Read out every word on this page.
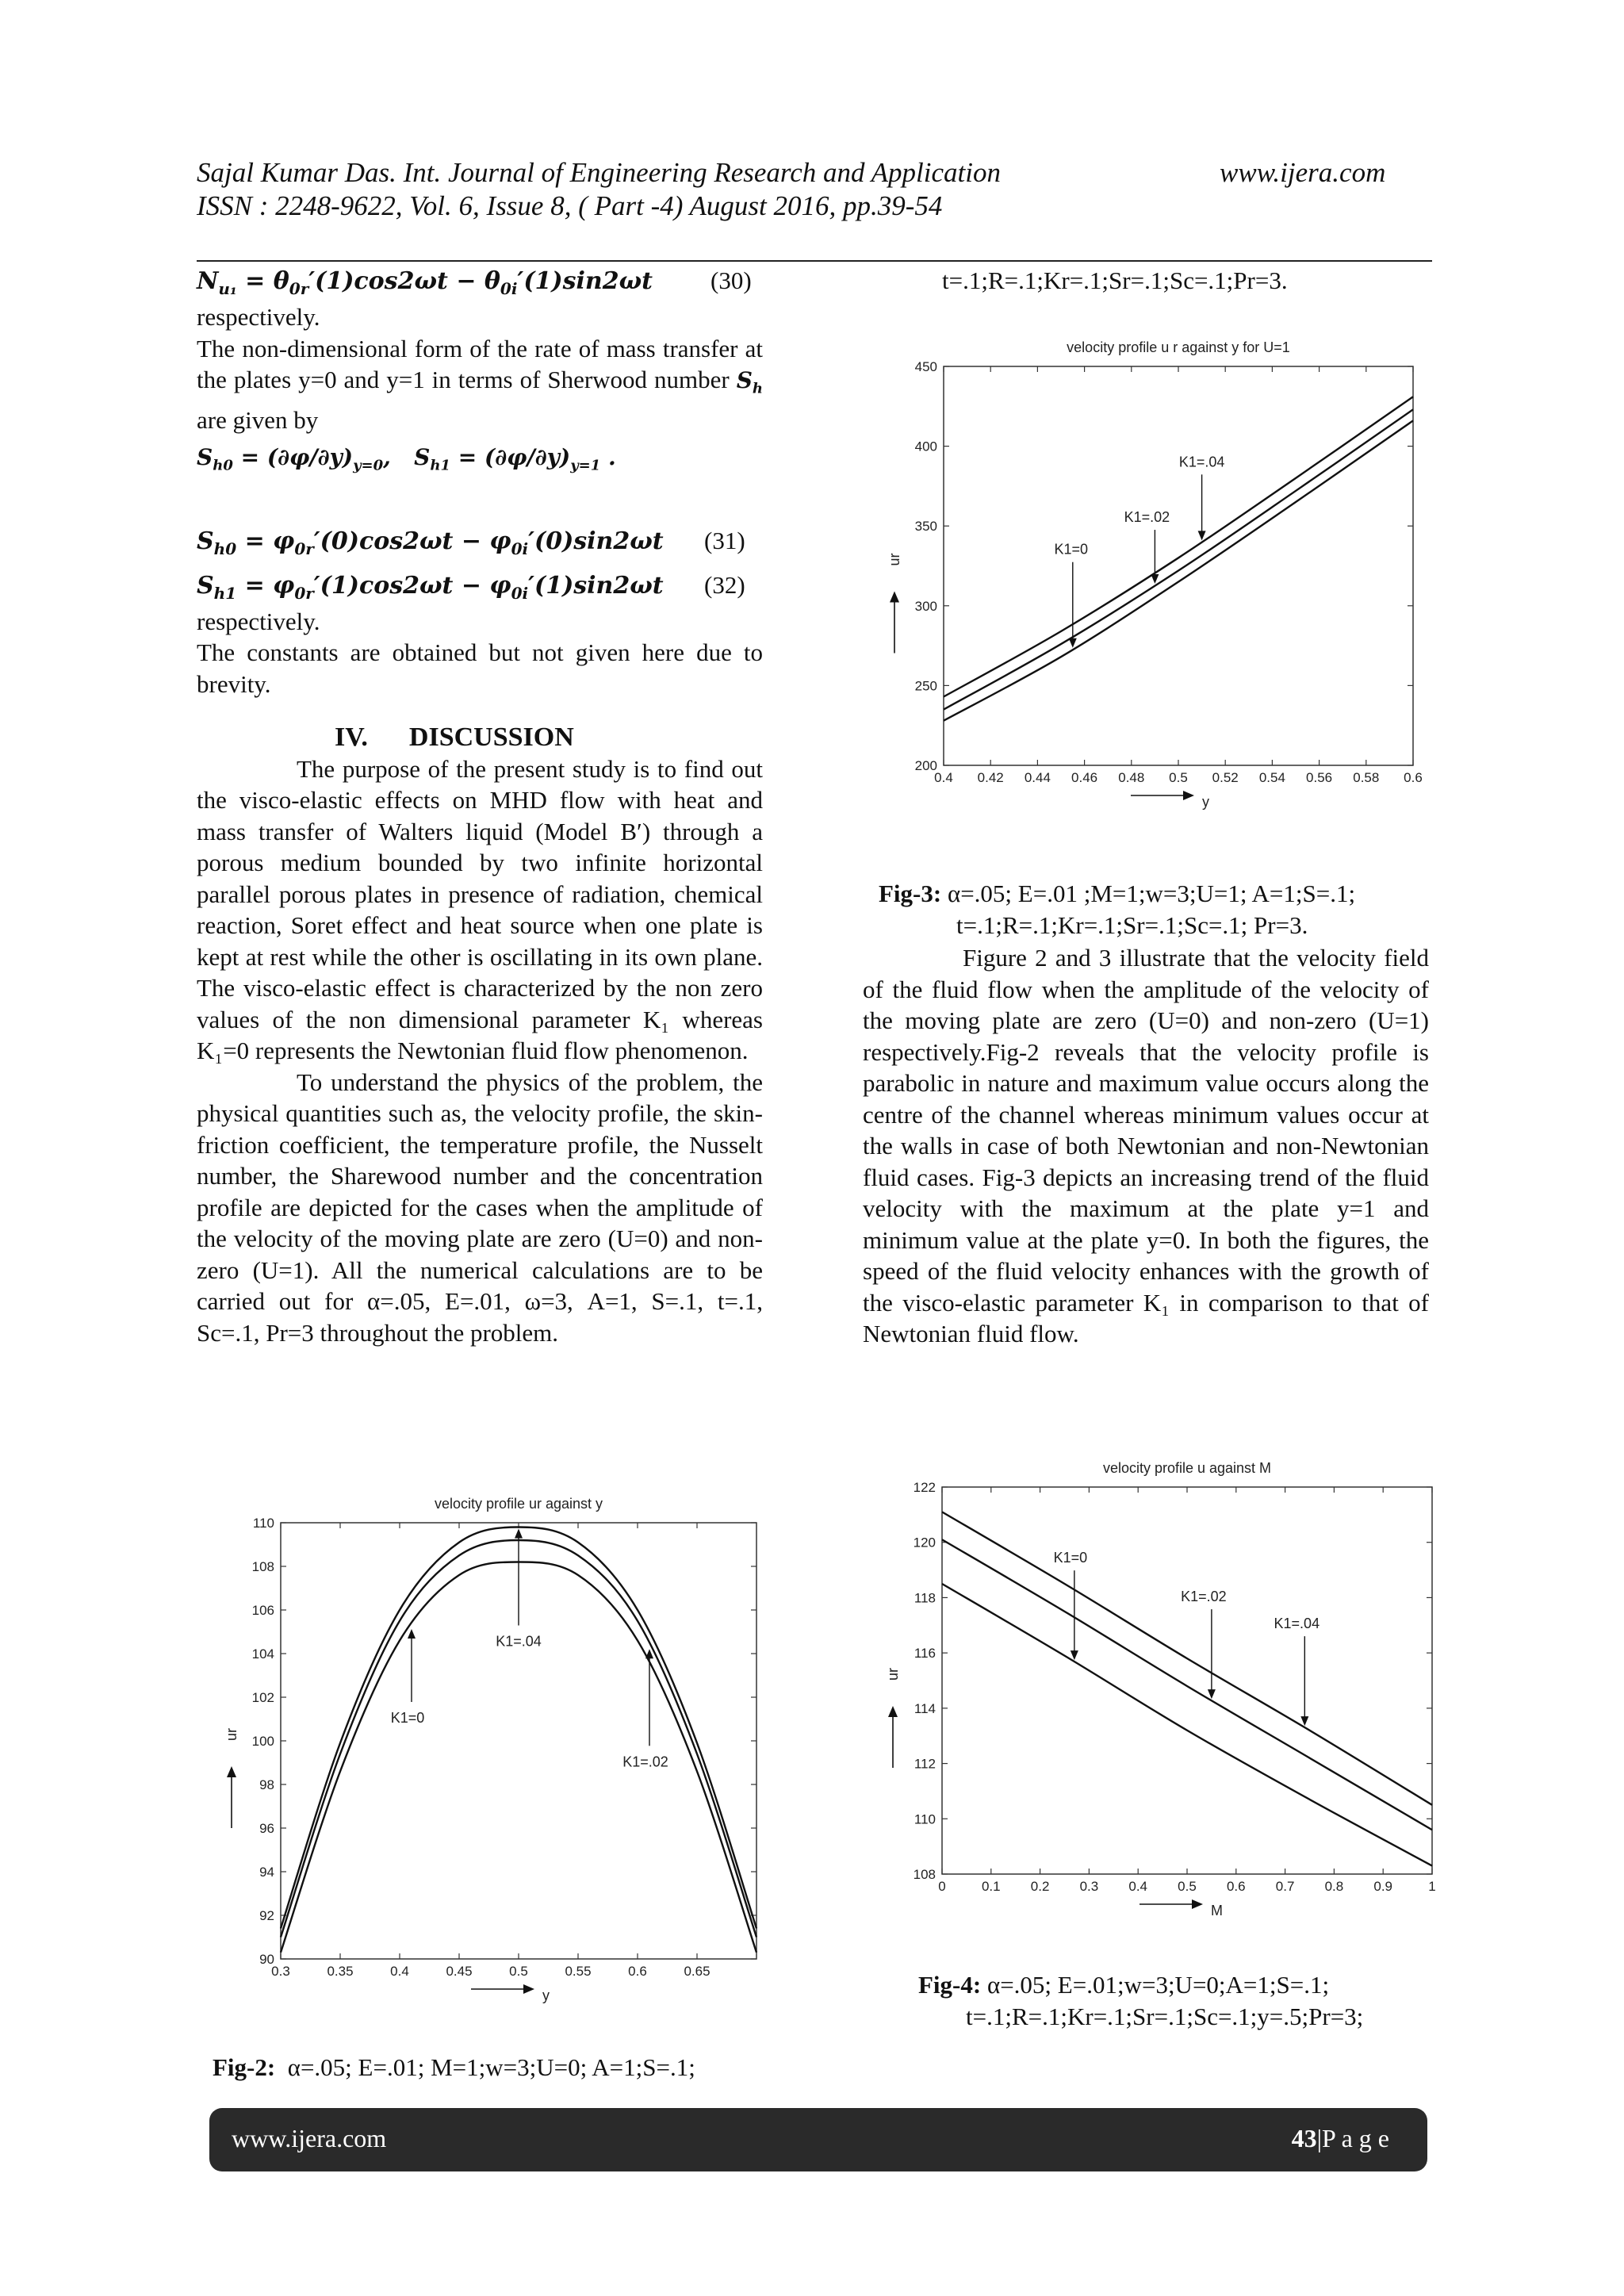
Sajal Kumar Das. Int. Journal of Engineering Research and Application	www.ijera.com
ISSN : 2248-9622, Vol. 6, Issue 8, ( Part -4) August 2016, pp.39-54
$N_{u_1} = \theta_{0r}'(1)\cos 2\omega t - \theta_{0i}'(1)\sin 2\omega t$ (30)
respectively.
The non-dimensional form of the rate of mass transfer at the plates y=0 and y=1 in terms of Sherwood number $S_h$ are given by
$S_{h0} = (\partial\varphi/\partial y)_{y=0}$,   $S_{h1} = (\partial\varphi/\partial y)_{y=1}$ .
$S_{h0} = \varphi_{0r}'(0)\cos 2\omega t - \varphi_{0i}'(0)\sin 2\omega t$ (31)
$S_{h1} = \varphi_{0r}'(1)\cos 2\omega t - \varphi_{0i}'(1)\sin 2\omega t$ (32)
respectively.
The constants are obtained but not given here due to brevity.
IV. DISCUSSION
The purpose of the present study is to find out the visco-elastic effects on MHD flow with heat and mass transfer of Walters liquid (Model B′) through a porous medium bounded by two infinite horizontal parallel porous plates in presence of radiation, chemical reaction, Soret effect and heat source when one plate is kept at rest while the other is oscillating in its own plane. The visco-elastic effect is characterized by the non zero values of the non dimensional parameter K₁ whereas K₁=0 represents the Newtonian fluid flow phenomenon.
To understand the physics of the problem, the physical quantities such as, the velocity profile, the skin-friction coefficient, the temperature profile, the Nusselt number, the Sharewood number and the concentration profile are depicted for the cases when the amplitude of the velocity of the moving plate are zero (U=0) and non-zero (U=1). All the numerical calculations are to be carried out for α=.05, E=.01, ω=3, A=1, S=.1, t=.1, Sc=.1, Pr=3 throughout the problem.
t=.1;R=.1;Kr=.1;Sr=.1;Sc=.1;Pr=3.
0.4 0.42 0.44 0.46 0.48 0.5 0.52 0.54 0.56 0.58 0.6
200
250
300
350
400
450
velocity profile u r against y for U=1
y
ur
K1=.04
K1=.02
K1=0
Fig-3: α=.05; E=.01 ;M=1;w=3;U=1; A=1;S=.1;
t=.1;R=.1;Kr=.1;Sr=.1;Sc=.1; Pr=3.
Figure 2 and 3 illustrate that the velocity field of the fluid flow when the amplitude of the velocity of the moving plate are zero (U=0) and non-zero (U=1) respectively.Fig-2 reveals that the velocity profile is parabolic in nature and maximum value occurs along the centre of the channel whereas minimum values occur at the walls in case of both Newtonian and non-Newtonian fluid cases. Fig-3 depicts an increasing trend of the fluid velocity with the maximum at the plate y=1 and minimum value at the plate y=0. In both the figures, the speed of the fluid velocity enhances with the growth of the visco-elastic parameter K₁ in comparison to that of Newtonian fluid flow.
0	0.1 0.2 0.3 0.4 0.5 0.6 0.7 0.8 0.9	1
108
110
112
114
116
118
120
122
velocity profile u against M
M
ur
K1=0
K1=.02
K1=.04
Fig-4: α=.05; E=.01;w=3;U=0;A=1;S=.1;
t=.1;R=.1;Kr=.1;Sr=.1;Sc=.1;y=.5;Pr=3;
0.3	0.35	0.4	0.45	0.5	0.55	0.6	0.65
90
92
94
96
98
100
102
104
106
108
110
velocity profile ur against y
y
ur
K1=.04
K1=0
K1=.02
Fig-2: α=.05; E=.01; M=1;w=3;U=0; A=1;S=.1;
www.ijera.com	43|P a g e
